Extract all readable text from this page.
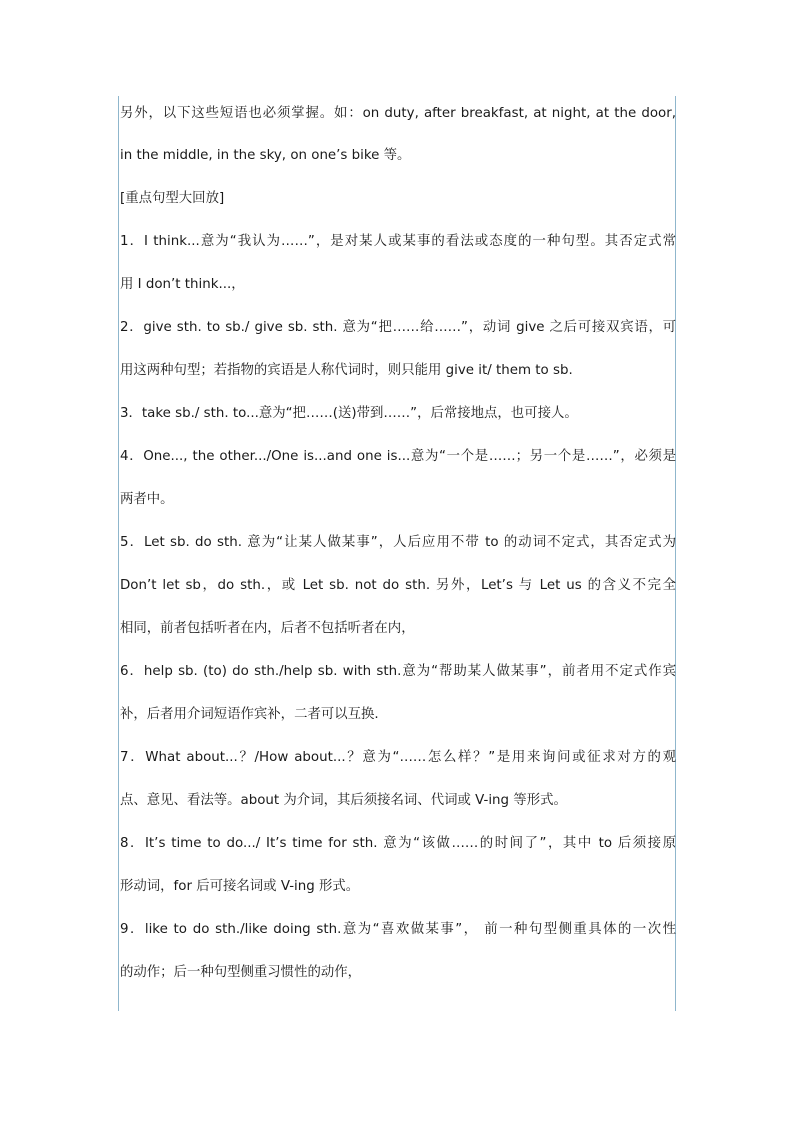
另外，以下这些短语也必须掌握。如：on duty, after breakfast, at night, at the door,
in the middle, in the sky, on one’s bike 等。
[重点句型大回放]
1．I think...意为“我认为……”，是对某人或某事的看法或态度的一种句型。其否定式常
用 I don’t think...，
2．give sth. to sb./ give sb. sth. 意为“把……给……”，动词 give 之后可接双宾语，可
用这两种句型；若指物的宾语是人称代词时，则只能用 give it/ them to sb.
3．take sb./ sth. to...意为“把……(送)带到……”，后常接地点，也可接人。
4．One..., the other.../One is...and one is...意为“一个是……；另一个是……”，必须是
两者中。
5．Let sb. do sth. 意为“让某人做某事”，人后应用不带 to 的动词不定式，其否定式为
Don’t let sb，do sth.，或 Let sb. not do sth. 另外，Let’s 与 Let us 的含义不完全
相同，前者包括听者在内，后者不包括听者在内，
6．help sb. (to) do sth./help sb. with sth.意为“帮助某人做某事”，前者用不定式作宾
补，后者用介词短语作宾补，二者可以互换.
7．What about...？/How about...？意为“……怎么样？”是用来询问或征求对方的观
点、意见、看法等。about 为介词，其后须接名词、代词或 V-ing 等形式。
8．It’s time to do.../ It’s time for sth. 意为“该做……的时间了”，其中 to 后须接原
形动词，for 后可接名词或 V-ing 形式。
9．like to do sth./like doing sth.意为“喜欢做某事”， 前一种句型侧重具体的一次性
的动作；后一种句型侧重习惯性的动作，
